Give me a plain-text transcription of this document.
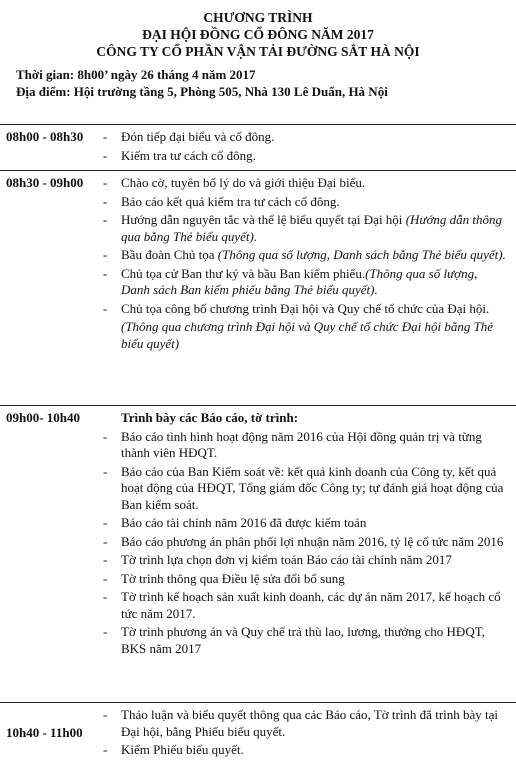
CHƯƠNG TRÌNH
ĐẠI HỘI ĐỒNG CỔ ĐÔNG NĂM 2017
CÔNG TY CỔ PHẦN VẬN TẢI ĐƯỜNG SẮT HÀ NỘI
Thời gian: 8h00’ ngày 26 tháng 4 năm 2017
Địa điểm: Hội trường tầng 5, Phòng 505, Nhà 130 Lê Duẩn, Hà Nội
08h00 - 08h30 - Đón tiếp đại biểu và cổ đông.
- Kiểm tra tư cách cổ đông.
08h30 - 09h00 - Chào cờ, tuyên bố lý do và giới thiệu Đại biểu.
- Báo cáo kết quả kiểm tra tư cách cổ đông.
- Hướng dẫn nguyên tắc và thể lệ biểu quyết tại Đại hội (Hướng dẫn thông qua bằng Thẻ biểu quyết).
- Bầu đoàn Chủ tọa (Thông qua số lượng, Danh sách bằng Thẻ biểu quyết).
- Chủ tọa cử Ban thư ký và bầu Ban kiểm phiếu.(Thông qua số lượng, Danh sách Ban kiểm phiếu bằng Thẻ biểu quyết).
- Chủ tọa công bố chương trình Đại hội và Quy chế tổ chức của Đại hội.
(Thông qua chương trình Đại hội và Quy chế tổ chức Đại hội bằng Thẻ biểu quyết)
09h00- 10h40	Trình bày các Báo cáo, tờ trình:
- Báo cáo tình hình hoạt động năm 2016 của Hội đồng quản trị và từng thành viên HĐQT.
- Báo cáo của Ban Kiểm soát về: kết quả kinh doanh của Công ty, kết quả hoạt động của HĐQT, Tổng giám đốc Công ty; tự đánh giá hoạt động của Ban kiểm soát.
- Báo cáo tài chính năm 2016 đã được kiểm toán
- Báo cáo phương án phân phối lợi nhuận năm 2016, tỷ lệ cổ tức năm 2016
- Tờ trình lựa chọn đơn vị kiểm toán Báo cáo tài chính năm 2017
- Tờ trình thông qua Điều lệ sửa đổi bổ sung
- Tờ trình kế hoạch sản xuất kinh doanh, các dự án năm 2017, kế hoạch cổ tức năm 2017.
- Tờ trình phương án và Quy chế trả thù lao, lương, thưởng cho HĐQT, BKS năm 2017
10h40 - 11h00
- Thảo luận và biểu quyết thông qua các Báo cáo, Tờ trình đã trình bày tại Đại hội, bằng Phiếu biểu quyết.
- Kiểm Phiếu biểu quyết.
